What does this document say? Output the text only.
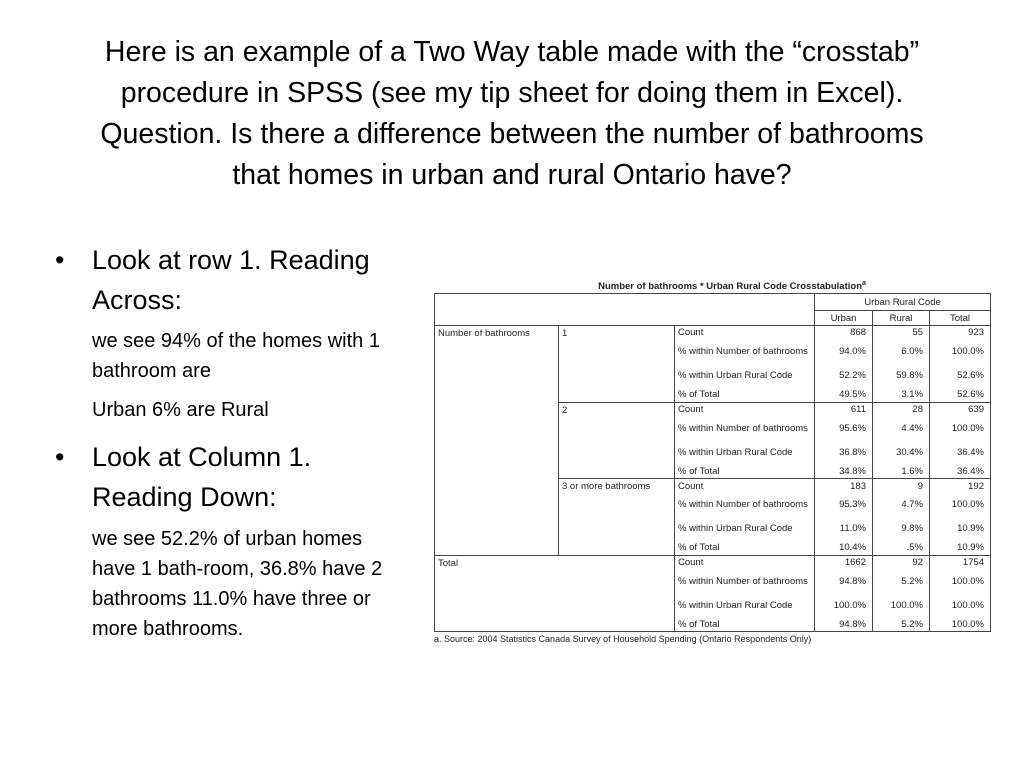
Here is an example of a Two Way table made with the “crosstab” procedure in SPSS (see my tip sheet for doing them in Excel). Question. Is there a difference between the number of bathrooms that homes in urban and rural Ontario have?
•	Look at row 1. Reading Across:
we see 94% of the homes with 1 bathroom are
Urban 6% are Rural
•	Look at Column 1. Reading Down:
we see 52.2% of urban homes have 1 bath-room, 36.8% have 2 bathrooms 11.0% have three or more bathrooms.
Number of bathrooms * Urban Rural Code Crosstabulation$^a$
			Urban Rural Code		
			Urban	Rural	Total
Number of bathrooms	1	Count	868	55	923
		% within Number of bathrooms	94.0%	6.0%	100.0%
		% within Urban Rural Code	52.2%	59.8%	52.6%
		% of Total	49.5%	3.1%	52.6%
	2	Count	611	28	639
		% within Number of bathrooms	95.6%	4.4%	100.0%
		% within Urban Rural Code	36.8%	30.4%	36.4%
		% of Total	34.8%	1.6%	36.4%
	3 or more bathrooms	Count	183	9	192
		% within Number of bathrooms	95.3%	4.7%	100.0%
		% within Urban Rural Code	11.0%	9.8%	10.9%
		% of Total	10.4%	.5%	10.9%
Total		Count	1662	92	1754
		% within Number of bathrooms	94.8%	5.2%	100.0%
		% within Urban Rural Code	100.0%	100.0%	100.0%
		% of Total	94.8%	5.2%	100.0%
a. Source: 2004 Statistics Canada Survey of Household Spending (Ontario Respondents Only)
